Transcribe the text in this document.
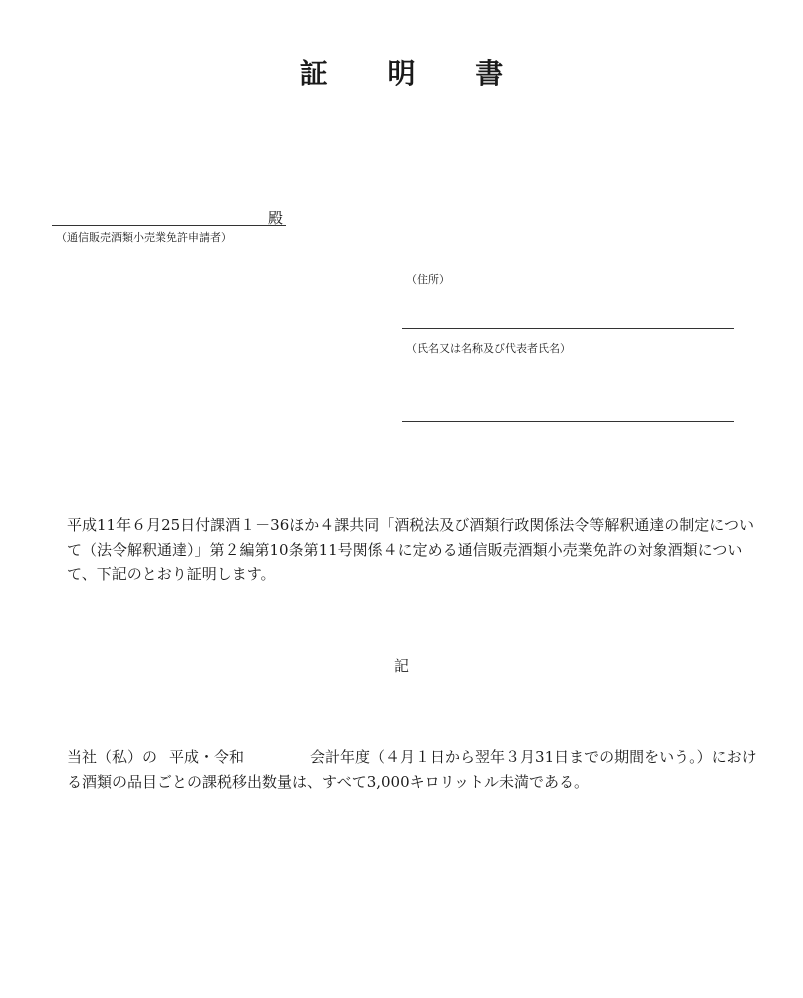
証 明 書
殿
（通信販売酒類小売業免許申請者）
（住所）
（氏名又は名称及び代表者氏名）

平成11年６月25日付課酒１－36ほか４課共同「酒税法及び酒類行政関係法令等解釈通達の制定について（法令解釈通達）」第２編第10条第11号関係４に定める通信販売酒類小売業免許の対象酒類について、下記のとおり証明します。

記

当社（私）の 平成・令和	会計年度（４月１日から翌年３月31日までの期間をいう。）における酒類の品目ごとの課税移出数量は、すべて3,000キロリットル未満である。
